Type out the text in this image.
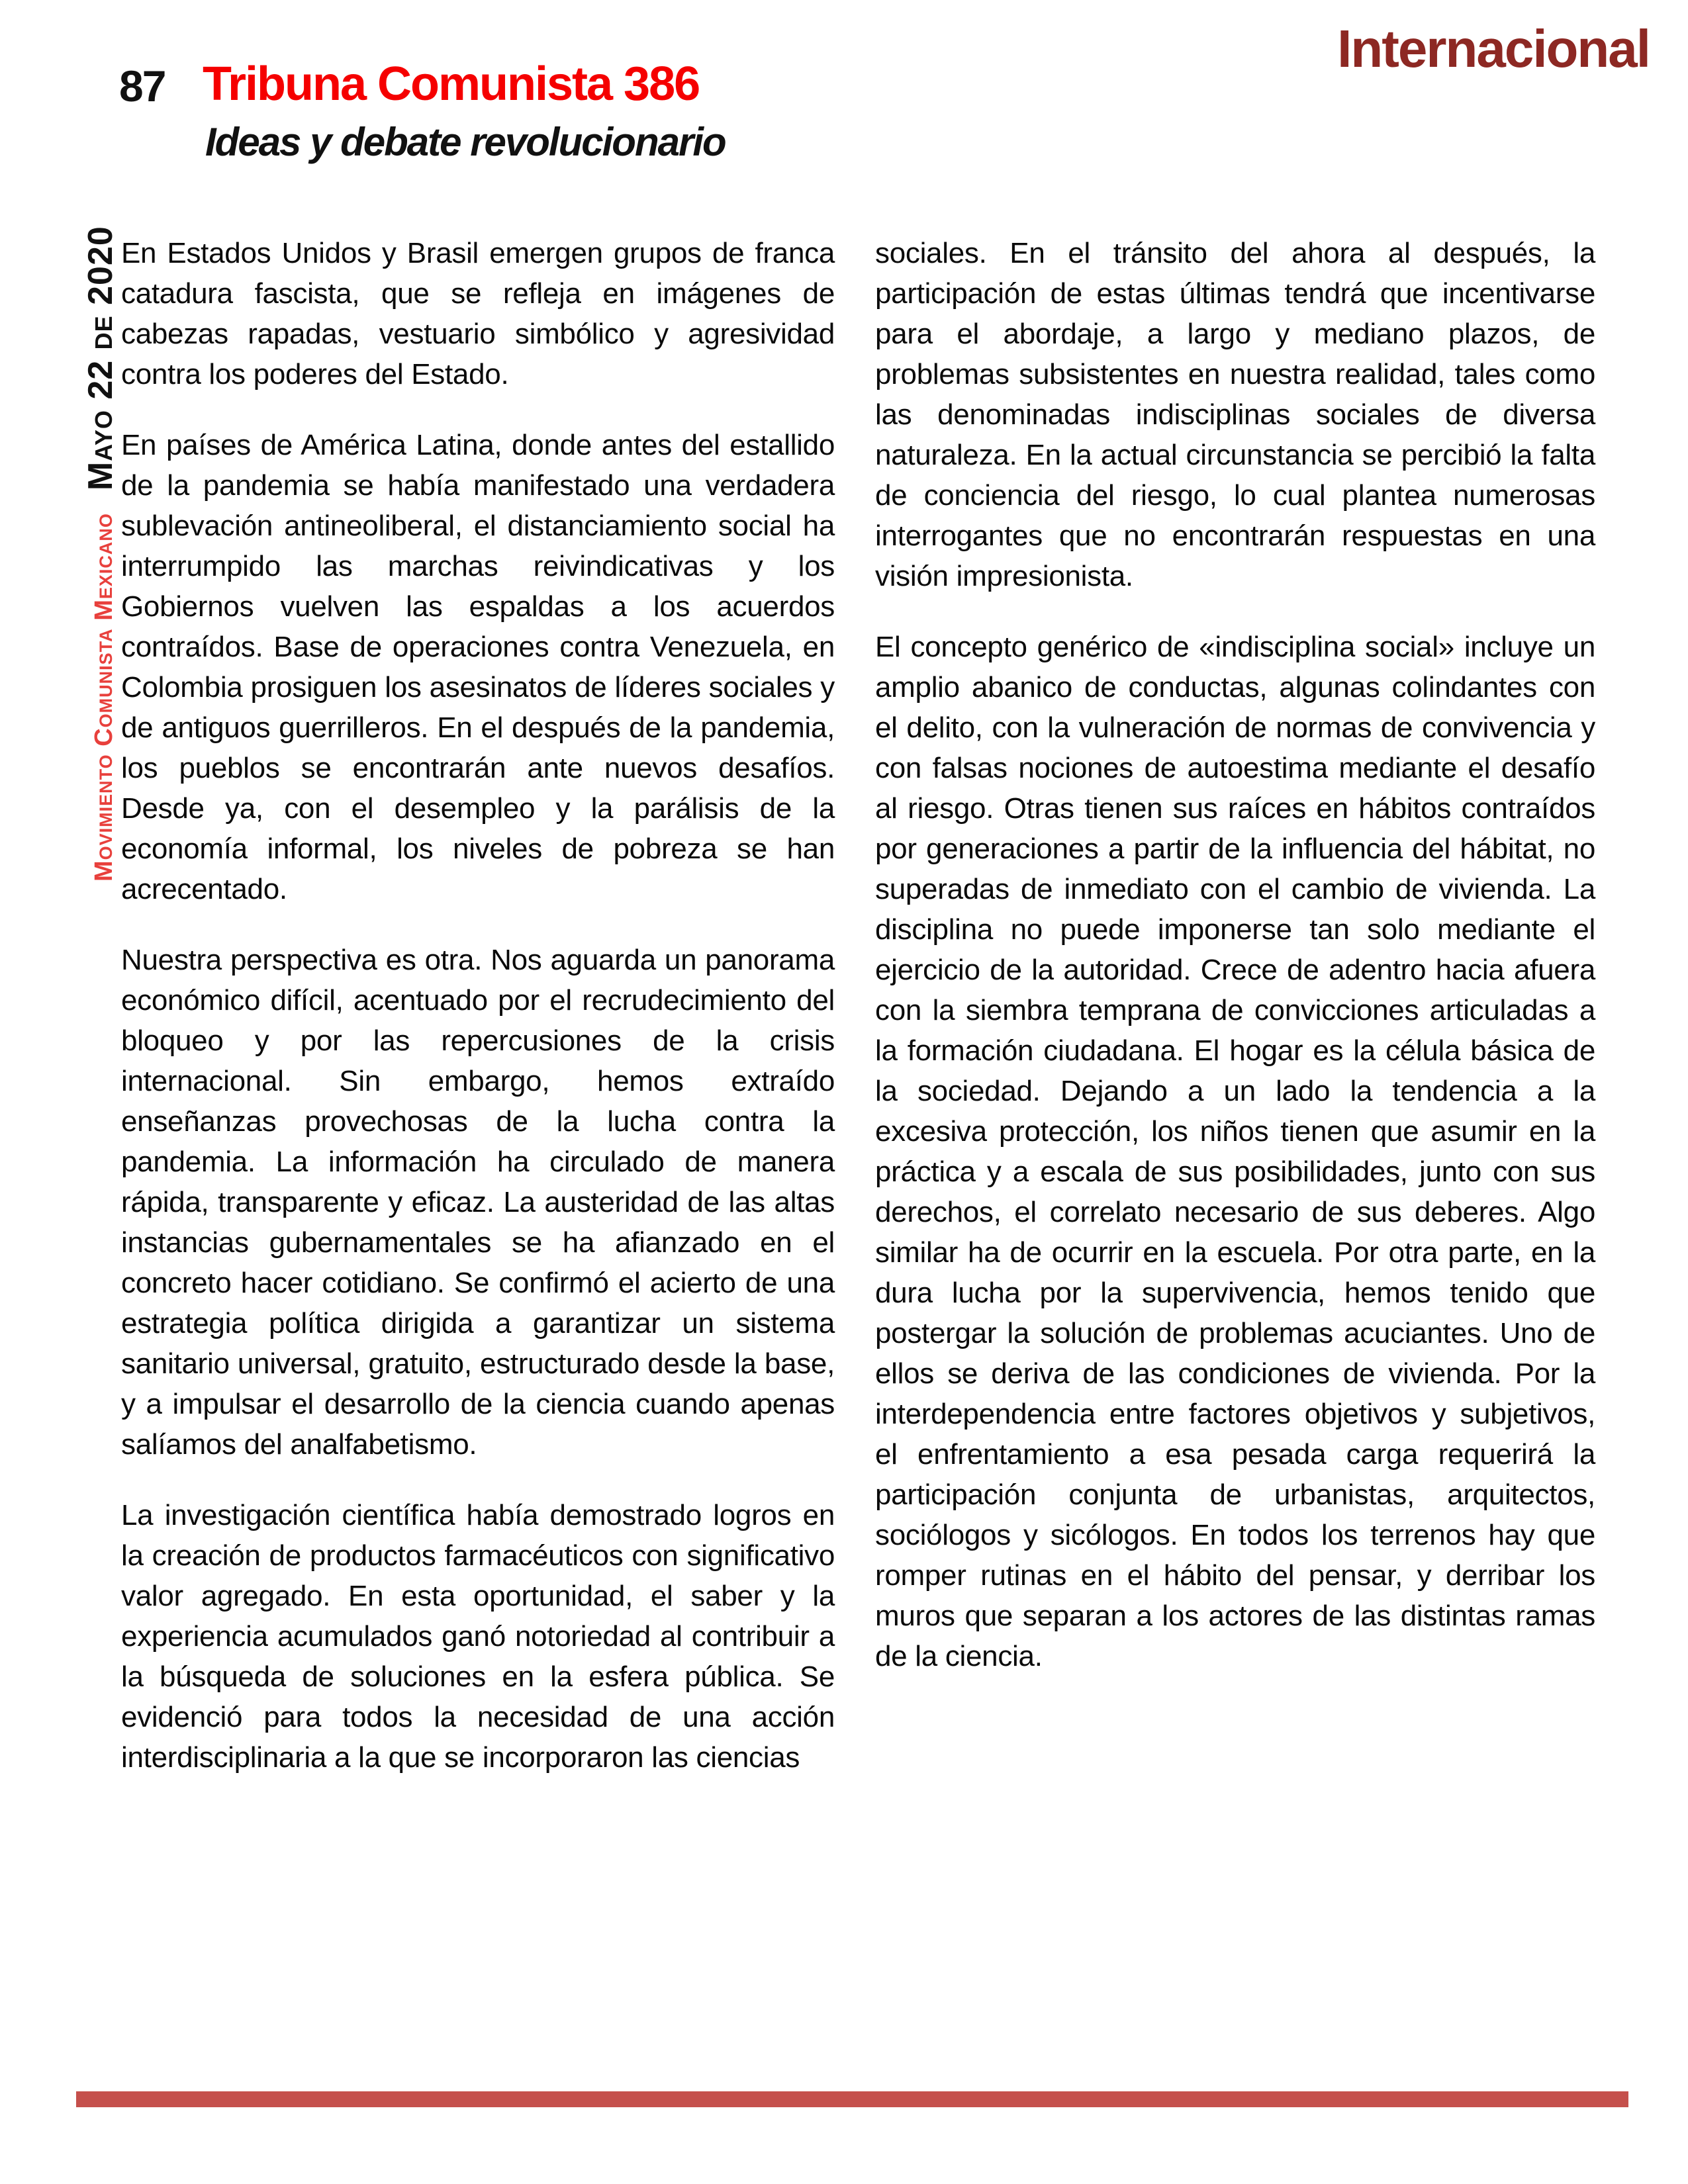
87 Tribuna Comunista 386
Ideas y debate revolucionario
Internacional
Movimiento Comunista MexicanoMayo 22 de 2020 En Estados Unidos y Brasil emergen grupos de franca catadura fascista, que se refleja en imágenes de cabezas rapadas, vestuario simbólico y agresividad contra los poderes del Estado.

En países de América Latina, donde antes del estallido de la pandemia se había manifestado una verdadera sublevación antineoliberal, el distanciamiento social ha interrumpido las marchas reivindicativas y los Gobiernos vuelven las espaldas a los acuerdos contraídos. Base de operaciones contra Venezuela, en Colombia prosiguen los asesinatos de líderes sociales y de antiguos guerrilleros. En el después de la pandemia, los pueblos se encontrarán ante nuevos desafíos. Desde ya, con el desempleo y la parálisis de la economía informal, los niveles de pobreza se han acrecentado.

Nuestra perspectiva es otra. Nos aguarda un panorama económico difícil, acentuado por el recrudecimiento del bloqueo y por las repercusiones de la crisis internacional. Sin embargo, hemos extraído enseñanzas provechosas de la lucha contra la pandemia. La información ha circulado de manera rápida, transparente y eficaz. La austeridad de las altas instancias gubernamentales se ha afianzado en el concreto hacer cotidiano. Se confirmó el acierto de una estrategia política dirigida a garantizar un sistema sanitario universal, gratuito, estructurado desde la base, y a impulsar el desarrollo de la ciencia cuando apenas salíamos del analfabetismo.

La investigación científica había demostrado logros en la creación de productos farmacéuticos con significativo valor agregado. En esta oportunidad, el saber y la experiencia acumulados ganó notoriedad al contribuir a la búsqueda de soluciones en la esfera pública. Se evidenció para todos la necesidad de una acción interdisciplinaria a la que se incorporaron las ciencias

sociales. En el tránsito del ahora al después, la participación de estas últimas tendrá que incentivarse para el abordaje, a largo y mediano plazos, de problemas subsistentes en nuestra realidad, tales como las denominadas indisciplinas sociales de diversa naturaleza. En la actual circunstancia se percibió la falta de conciencia del riesgo, lo cual plantea numerosas interrogantes que no encontrarán respuestas en una visión impresionista.

El concepto genérico de «indisciplina social» incluye un amplio abanico de conductas, algunas colindantes con el delito, con la vulneración de normas de convivencia y con falsas nociones de autoestima mediante el desafío al riesgo. Otras tienen sus raíces en hábitos contraídos por generaciones a partir de la influencia del hábitat, no superadas de inmediato con el cambio de vivienda. La disciplina no puede imponerse tan solo mediante el ejercicio de la autoridad. Crece de adentro hacia afuera con la siembra temprana de convicciones articuladas a la formación ciudadana. El hogar es la célula básica de la sociedad. Dejando a un lado la tendencia a la excesiva protección, los niños tienen que asumir en la práctica y a escala de sus posibilidades, junto con sus derechos, el correlato necesario de sus deberes. Algo similar ha de ocurrir en la escuela. Por otra parte, en la dura lucha por la supervivencia, hemos tenido que postergar la solución de problemas acuciantes. Uno de ellos se deriva de las condiciones de vivienda. Por la interdependencia entre factores objetivos y subjetivos, el enfrentamiento a esa pesada carga requerirá la participación conjunta de urbanistas, arquitectos, sociólogos y sicólogos. En todos los terrenos hay que romper rutinas en el hábito del pensar, y derribar los muros que separan a los actores de las distintas ramas de la ciencia.
